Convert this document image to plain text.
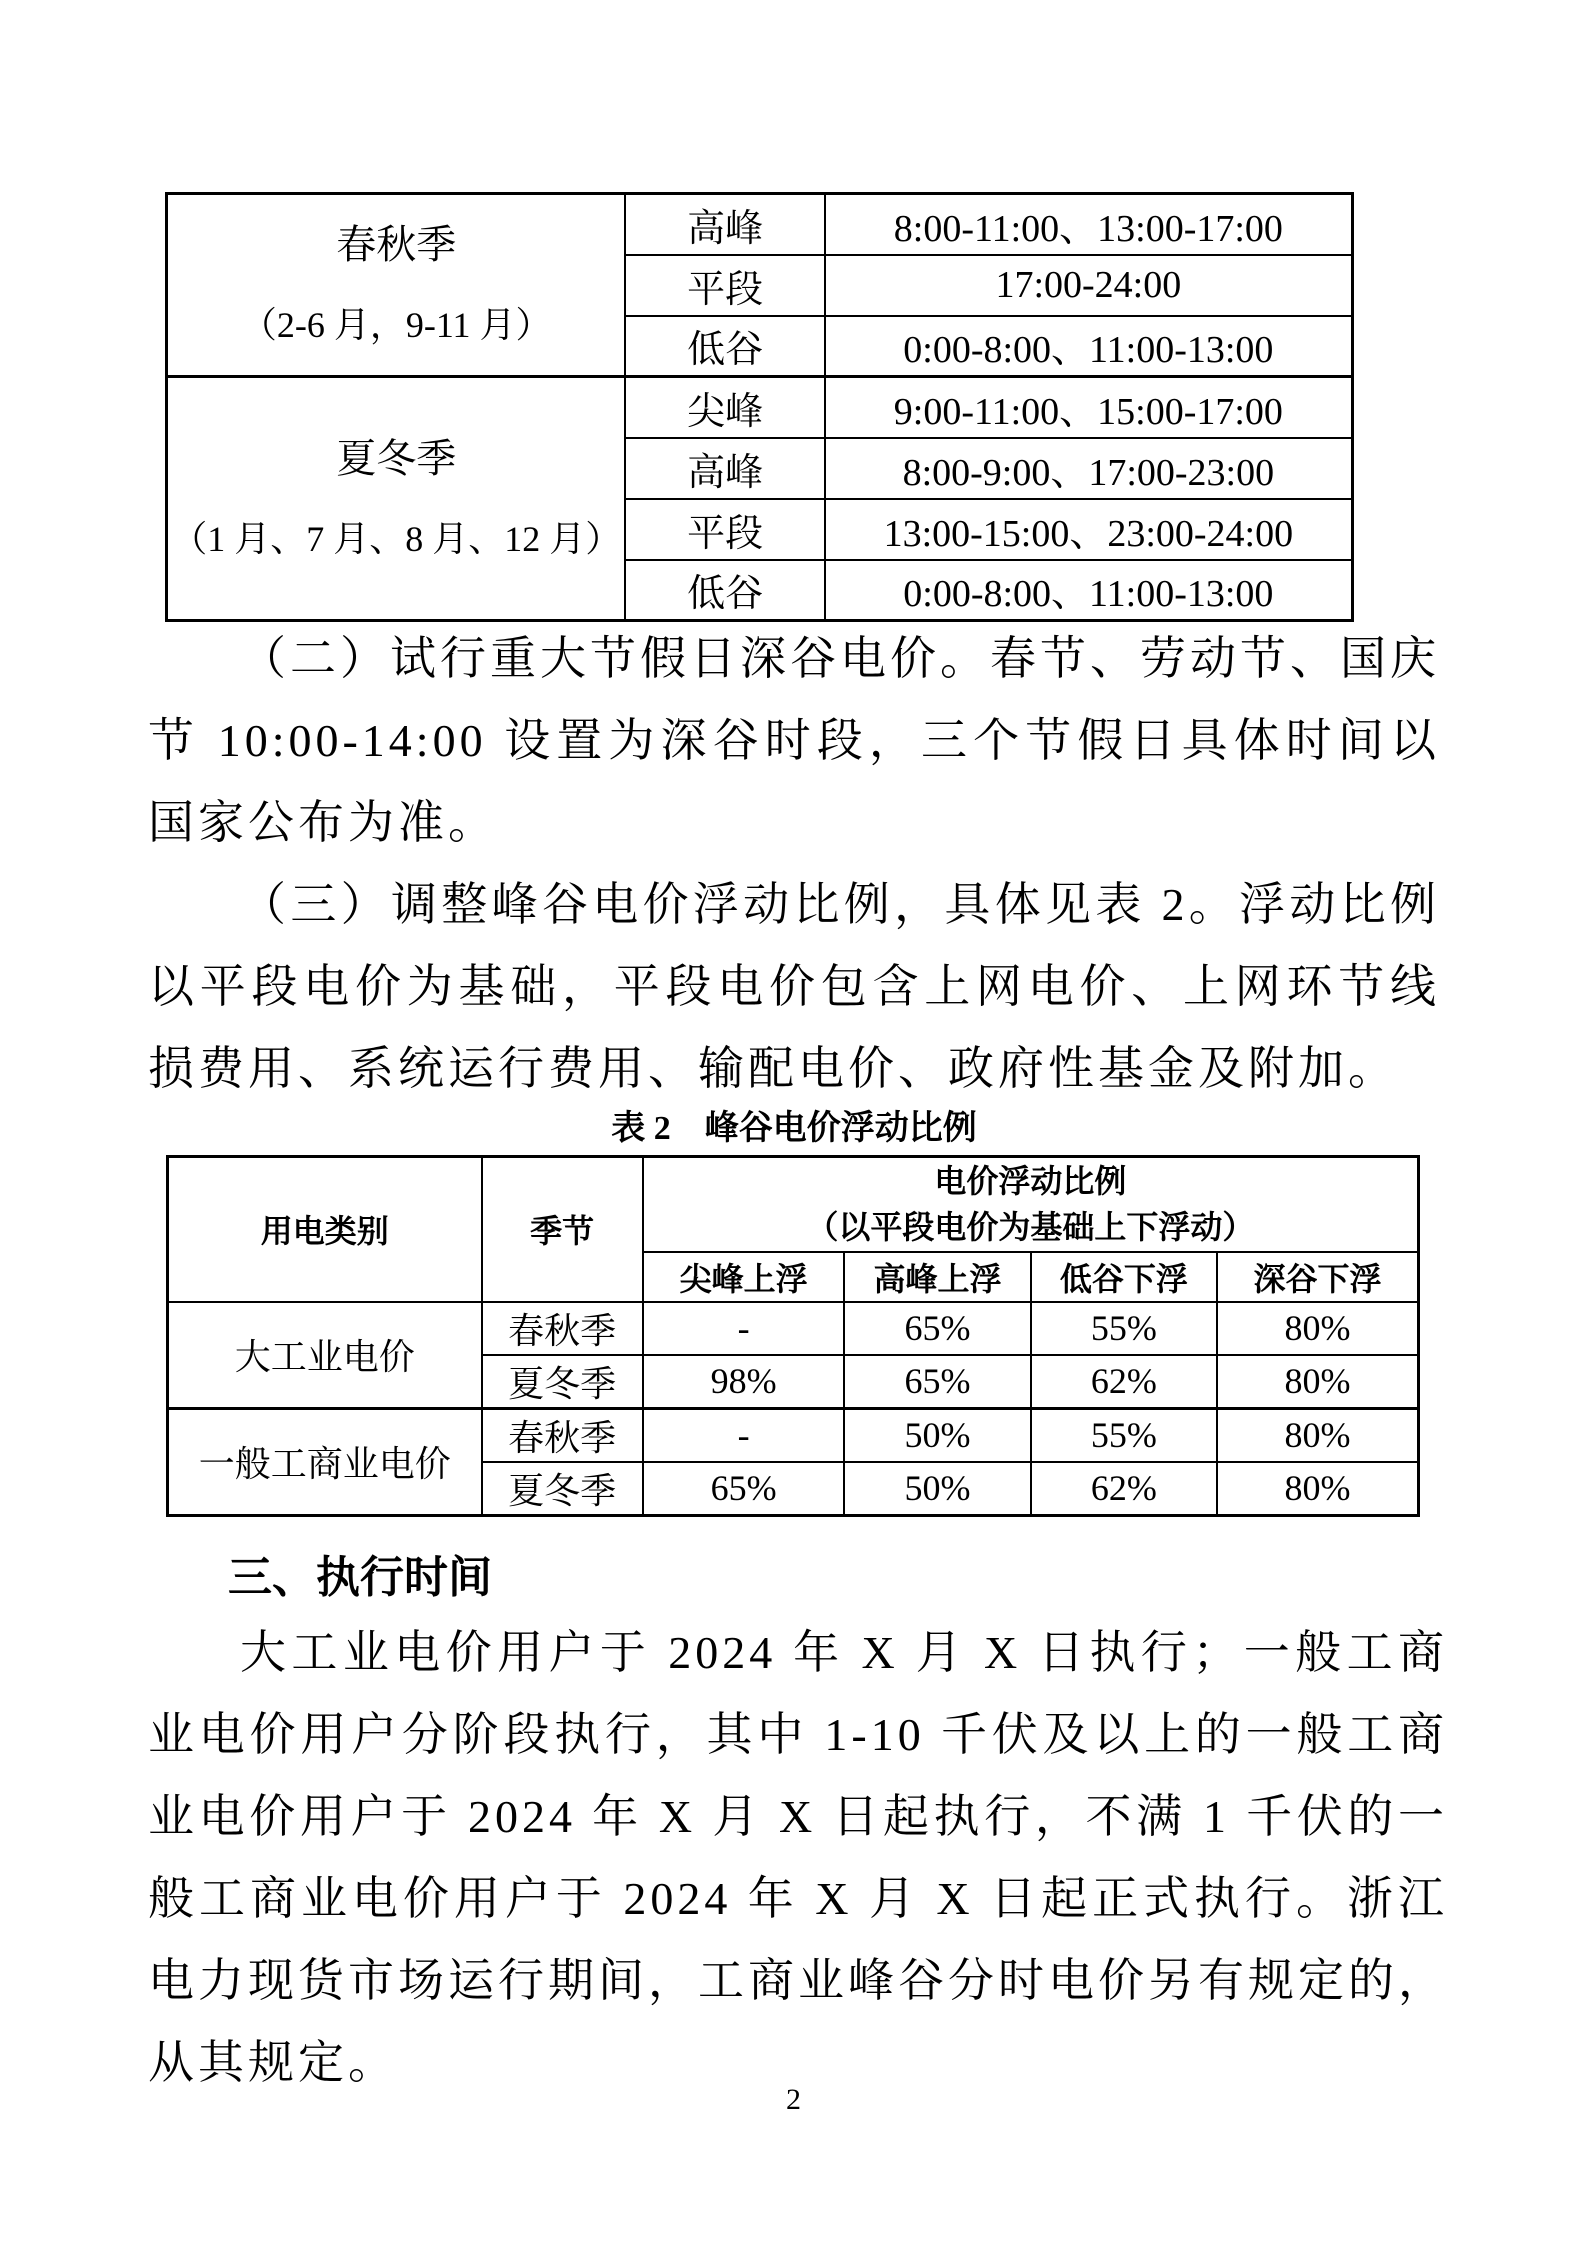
春秋季
（2-6 月，9-11 月）	高峰	8:00-11:00、13:00-17:00
	平段	17:00-24:00
	低谷	0:00-8:00、11:00-13:00

夏冬季
（1 月、7 月、8 月、12 月）	尖峰	9:00-11:00、15:00-17:00
	高峰	8:00-9:00、17:00-23:00
	平段	13:00-15:00、23:00-24:00
	低谷	0:00-8:00、11:00-13:00

（二）试行重大节假日深谷电价。春节、劳动节、国庆节 10:00-14:00 设置为深谷时段，三个节假日具体时间以国家公布为准。

（三）调整峰谷电价浮动比例，具体见表 2。浮动比例以平段电价为基础，平段电价包含上网电价、上网环节线损费用、系统运行费用、输配电价、政府性基金及附加。

表 2　峰谷电价浮动比例
用电类别	季节	电价浮动比例
（以平段电价为基础上下浮动）			

		尖峰上浮	高峰上浮	低谷下浮	深谷下浮
大工业电价	春秋季	-	65%	55%	80%
	夏冬季	98%	65%	62%	80%
一般工商业电价	春秋季	-	50%	55%	80%
	夏冬季	65%	50%	62%	80%
三、执行时间

大工业电价用户于 2024 年 X 月 X 日执行；一般工商业电价用户分阶段执行，其中 1-10 千伏及以上的一般工商业电价用户于 2024 年 X 月 X 日起执行，不满 1 千伏的一般工商业电价用户于 2024 年 X 月 X 日起正式执行。浙江电力现货市场运行期间，工商业峰谷分时电价另有规定的，从其规定。

2
